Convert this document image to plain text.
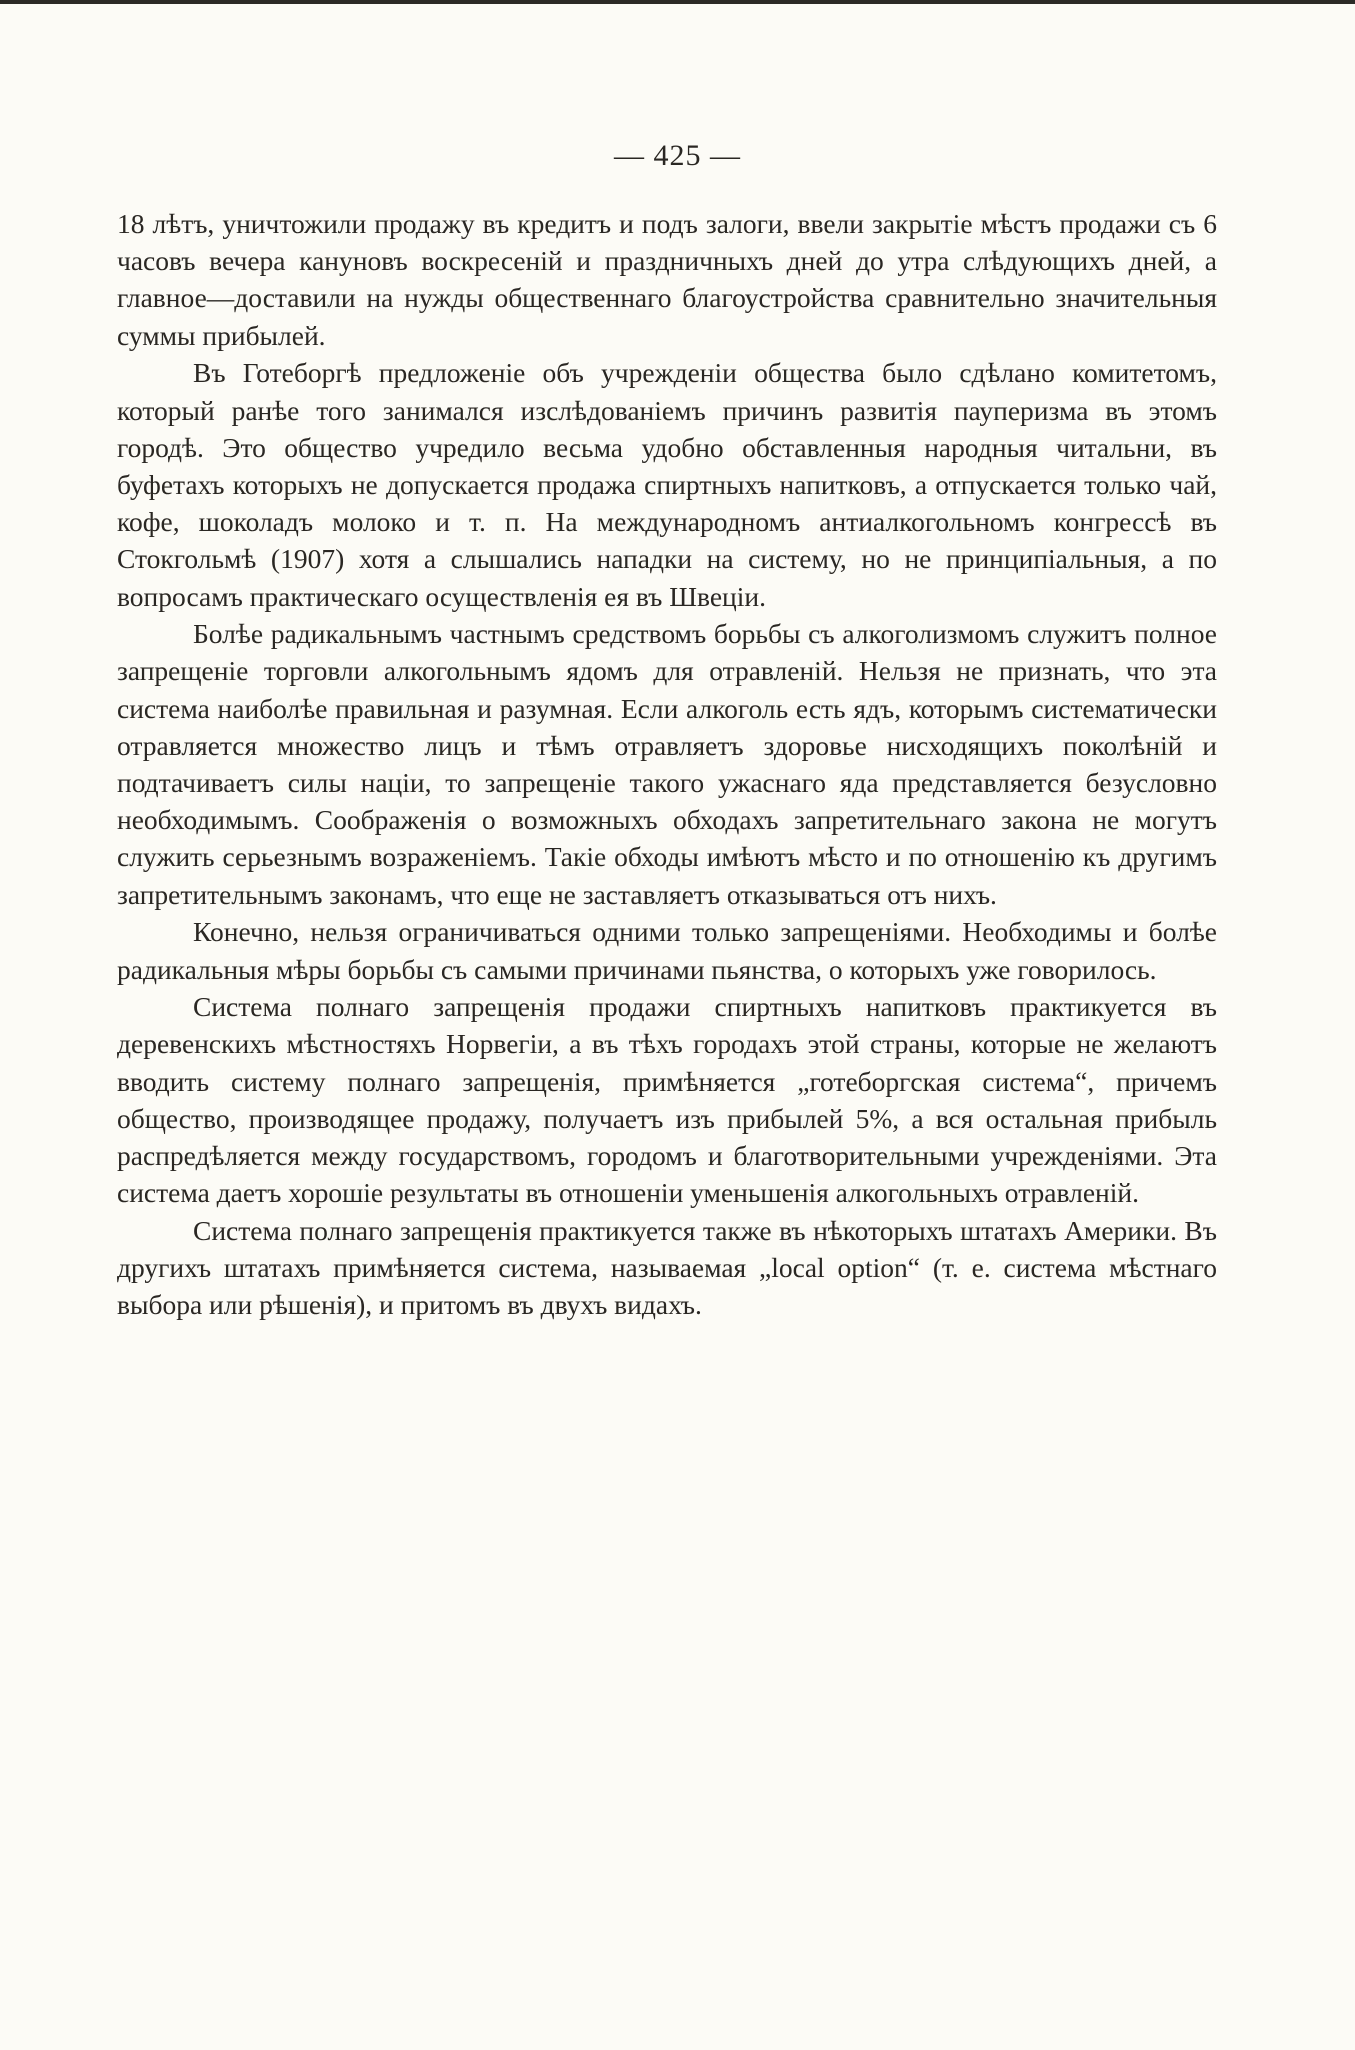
— 425 —

18 лѣтъ, уничтожили продажу въ кредитъ и подъ залоги, ввели закрытіе мѣстъ продажи съ 6 часовъ вечера кануновъ воскресеній и праздничныхъ дней до утра слѣдующихъ дней, а главное—доставили на нужды общественнаго благоустройства сравнительно значительныя суммы прибылей.

Въ Готеборгѣ предложеніе объ учрежденіи общества было сдѣлано комитетомъ, который ранѣе того занимался изслѣдованіемъ причинъ развитія пауперизма въ этомъ городѣ. Это общество учредило весьма удобно обставленныя народныя читальни, въ буфетахъ которыхъ не допускается продажа спиртныхъ напитковъ, а отпускается только чай, кофе, шоколадъ молоко и т. п. На международномъ антиалкогольномъ конгрессѣ въ Стокгольмѣ (1907) хотя а слышались нападки на систему, но не принципіальныя, а по вопросамъ практическаго осуществленія ея въ Швеціи.

Болѣе радикальнымъ частнымъ средствомъ борьбы съ алкоголизмомъ служитъ полное запрещеніе торговли алкогольнымъ ядомъ для отравленій. Нельзя не признать, что эта система наиболѣе правильная и разумная. Если алкоголь есть ядъ, которымъ систематически отравляется множество лицъ и тѣмъ отравляетъ здоровье нисходящихъ поколѣній и подтачиваетъ силы націи, то запрещеніе такого ужаснаго яда представляется безусловно необходимымъ. Соображенія о возможныхъ обходахъ запретительнаго закона не могутъ служить серьезнымъ возраженіемъ. Такіе обходы имѣютъ мѣсто и по отношенію къ другимъ запретительнымъ законамъ, что еще не заставляетъ отказываться отъ нихъ.

Конечно, нельзя ограничиваться одними только запрещеніями. Необходимы и болѣе радикальныя мѣры борьбы съ самыми причинами пьянства, о которыхъ уже говорилось.

Система полнаго запрещенія продажи спиртныхъ напитковъ практикуется въ деревенскихъ мѣстностяхъ Норвегіи, а въ тѣхъ городахъ этой страны, которые не желаютъ вводить систему полнаго запрещенія, примѣняется „готеборгская система“, причемъ общество, производящее продажу, получаетъ изъ прибылей 5%, а вся остальная прибыль распредѣляется между государствомъ, городомъ и благотворительными учрежденіями. Эта система даетъ хорошіе результаты въ отношеніи уменьшенія алкогольныхъ отравленій.

Система полнаго запрещенія практикуется также въ нѣкоторыхъ штатахъ Америки. Въ другихъ штатахъ примѣняется система, называемая „local option“ (т. е. система мѣстнаго выбора или рѣшенія), и притомъ въ двухъ видахъ.
